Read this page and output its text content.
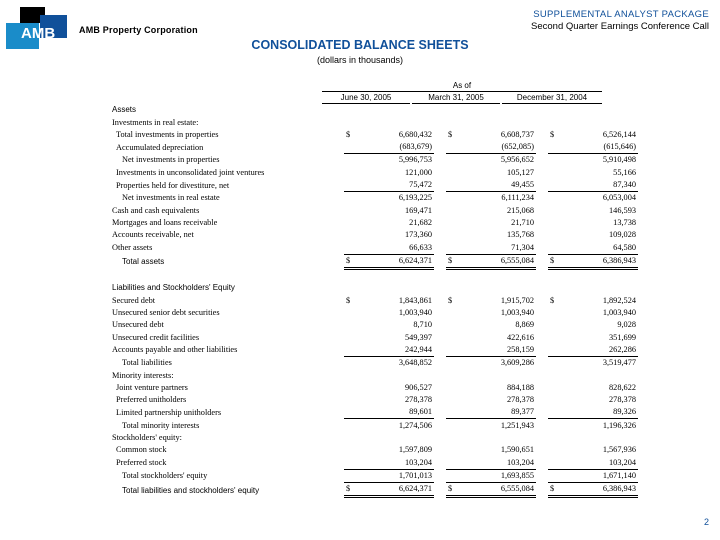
AMB	AMB Property Corporation
SUPPLEMENTAL ANALYST PACKAGE
Second Quarter Earnings Conference Call
CONSOLIDATED BALANCE SHEETS
(dollars in thousands)
As of
June 30, 2005	March 31, 2005	December 31, 2004
Assets									
Investments in real estate:									
Total investments in properties		$	6,680,432		$	6,608,737		$	6,526,144
Accumulated depreciation			(683,679)			(652,085)			(615,646)
Net investments in properties			5,996,753			5,956,652			5,910,498
Investments in unconsolidated joint ventures			121,000			105,127			55,166
Properties held for divestiture, net			75,472			49,455			87,340
Net investments in real estate			6,193,225			6,111,234			6,053,004
Cash and cash equivalents			169,471			215,068			146,593
Mortgages and loans receivable			21,682			21,710			13,738
Accounts receivable, net			173,360			135,768			109,028
Other assets			66,633			71,304			64,580
Total assets		$	6,624,371		$	6,555,084		$	6,386,943

Liabilities and Stockholders' Equity									
Secured debt		$	1,843,861		$	1,915,702		$	1,892,524
Unsecured senior debt securities			1,003,940			1,003,940			1,003,940
Unsecured debt			8,710			8,869			9,028
Unsecured credit facilities			549,397			422,616			351,699
Accounts payable and other liabilities			242,944			258,159			262,286
Total liabilities			3,648,852			3,609,286			3,519,477
Minority interests:									
Joint venture partners			906,527			884,188			828,622
Preferred unitholders			278,378			278,378			278,378
Limited partnership unitholders			89,601			89,377			89,326
Total minority interests			1,274,506			1,251,943			1,196,326
Stockholders' equity:									
Common stock			1,597,809			1,590,651			1,567,936
Preferred stock			103,204			103,204			103,204
Total stockholders' equity			1,701,013			1,693,855			1,671,140
Total liabilities and stockholders' equity		$	6,624,371		$	6,555,084		$	6,386,943
2
